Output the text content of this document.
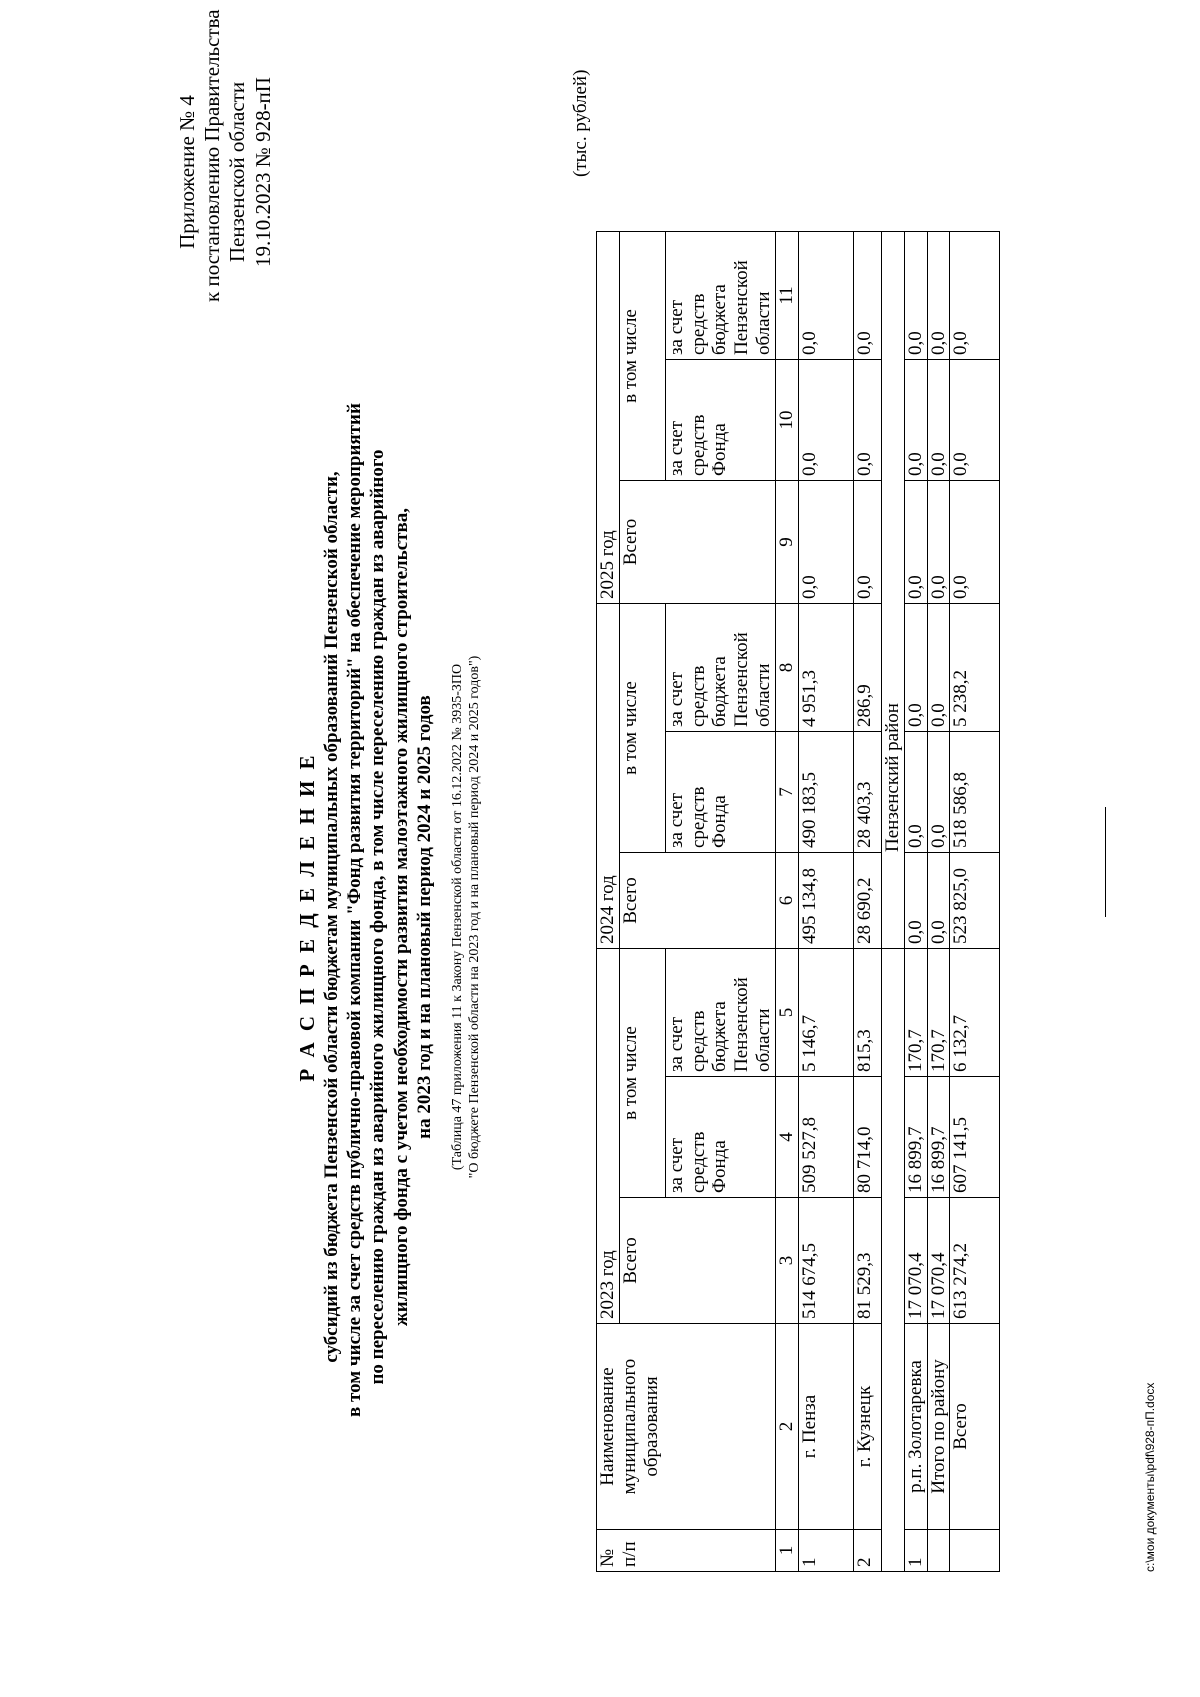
Приложение № 4 к постановлению Правительства Пензенской области 19.10.2023 № 928-пП
Р А С П Р Е Д Е Л Е Н И Е субсидий из бюджета Пензенской области бюджетам муниципальных образований Пензенской области, в том числе за счет средств публично-правовой компании "Фонд развития территорий" на обеспечение мероприятий по переселению граждан из аварийного жилищного фонда, в том числе переселению граждан из аварийного жилищного фонда с учетом необходимости развития малоэтажного жилищного строительства, на 2023 год и на плановый период 2024 и 2025 годов (Таблица 47 приложения 11 к Закону Пензенской области от 16.12.2022 № 3935-ЗПО "О бюджете Пензенской области на 2023 год и на плановый период 2024 и 2025 годов")
(тыс. рублей)
№ п/п	Наименование муниципального образования	2023 год			2024 год			2025 год		
		Всего	в том числе		Всего	в том числе		Всего	в том числе	
			за счет средств Фонда	за счет средств бюджета Пензенской области		за счет средств Фонда	за счет средств бюджета Пензенской области		за счет средств Фонда	за счет средств бюджета Пензенской области
1	2	3	4	5	6	7	8	9	10	11
1	г. Пенза	514 674,5	509 527,8	5 146,7	495 134,8	490 183,5	4 951,3	0,0	0,0	0,0
2	г. Кузнецк	81 529,3	80 714,0	815,3	28 690,2	28 403,3	286,9	0,0	0,0	0,0
					Пензенский район					
1	р.п. Золотаревка	17 070,4	16 899,7	170,7	0,0	0,0	0,0	0,0	0,0	0,0
	Итого по району	17 070,4	16 899,7	170,7	0,0	0,0	0,0	0,0	0,0	0,0
	Всего	613 274,2	607 141,5	6 132,7	523 825,0	518 586,8	5 238,2	0,0	0,0	0,0
c:\мои документы\pdf\928-пП.docx
